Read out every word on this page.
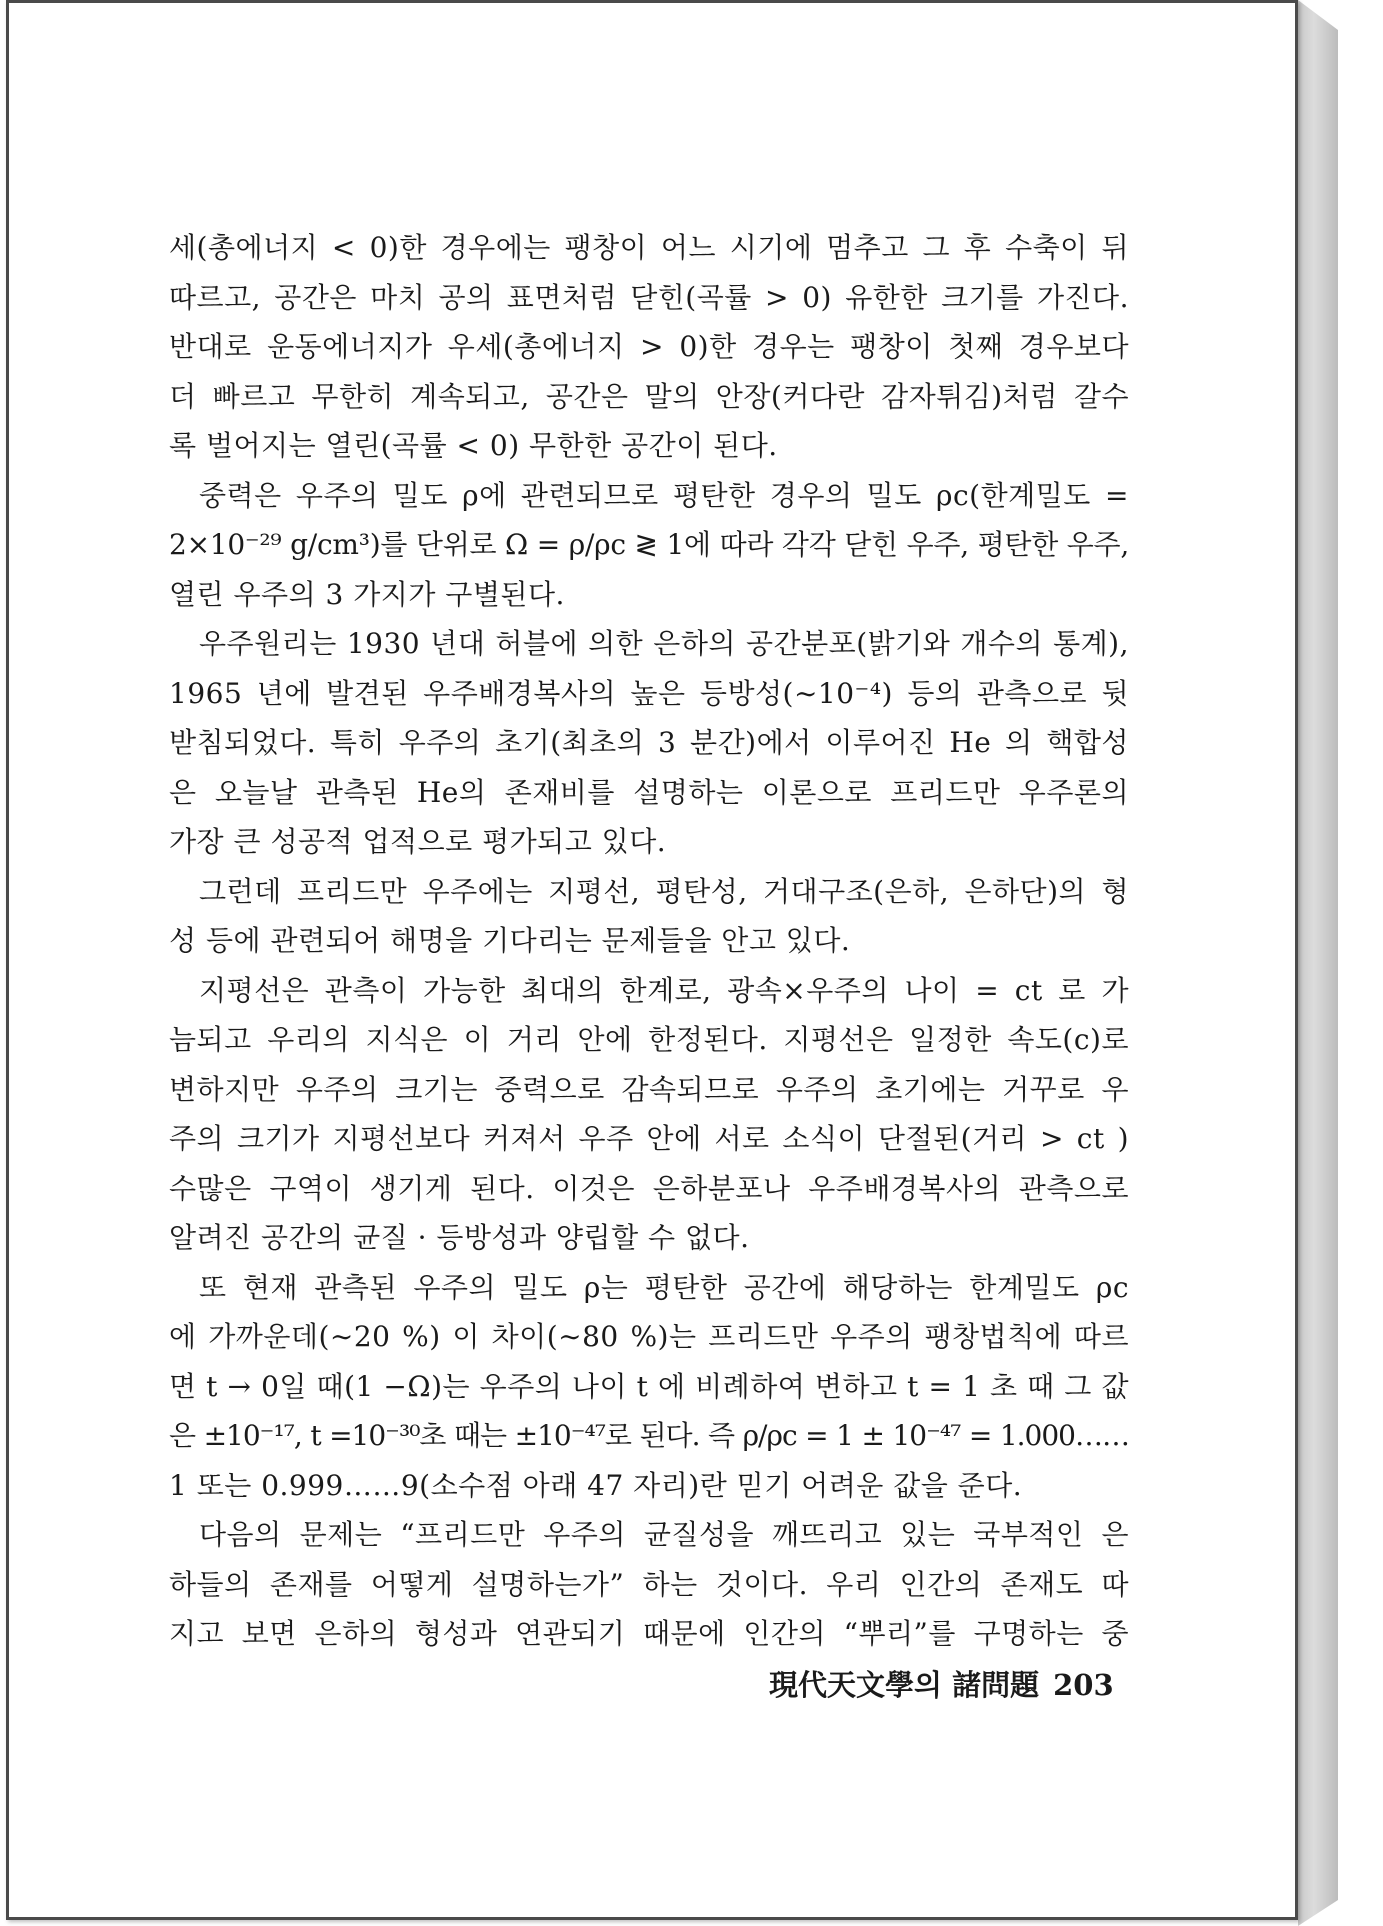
세(총에너지 < 0)한 경우에는 팽창이 어느 시기에 멈추고 그 후 수축이 뒤
따르고, 공간은 마치 공의 표면처럼 닫힌(곡률 > 0) 유한한 크기를 가진다.
반대로 운동에너지가 우세(총에너지 > 0)한 경우는 팽창이 첫째 경우보다
더 빠르고 무한히 계속되고, 공간은 말의 안장(커다란 감자튀김)처럼 갈수
록 벌어지는 열린(곡률 < 0) 무한한 공간이 된다.
중력은 우주의 밀도 ρ에 관련되므로 평탄한 경우의 밀도 ρc(한계밀도 =
2×10⁻²⁹ g/cm³)를 단위로 Ω = ρ/ρc ≷ 1에 따라 각각 닫힌 우주, 평탄한 우주,
열린 우주의 3 가지가 구별된다.
우주원리는 1930 년대 허블에 의한 은하의 공간분포(밝기와 개수의 통계),
1965 년에 발견된 우주배경복사의 높은 등방성(∼10⁻⁴) 등의 관측으로 뒷
받침되었다. 특히 우주의 초기(최초의 3 분간)에서 이루어진 He 의 핵합성
은 오늘날 관측된 He의 존재비를 설명하는 이론으로 프리드만 우주론의
가장 큰 성공적 업적으로 평가되고 있다.
그런데 프리드만 우주에는 지평선, 평탄성, 거대구조(은하, 은하단)의 형
성 등에 관련되어 해명을 기다리는 문제들을 안고 있다.
지평선은 관측이 가능한 최대의 한계로, 광속×우주의 나이 = ct 로 가
늠되고 우리의 지식은 이 거리 안에 한정된다. 지평선은 일정한 속도(c)로
변하지만 우주의 크기는 중력으로 감속되므로 우주의 초기에는 거꾸로 우
주의 크기가 지평선보다 커져서 우주 안에 서로 소식이 단절된(거리 > ct )
수많은 구역이 생기게 된다. 이것은 은하분포나 우주배경복사의 관측으로
알려진 공간의 균질 · 등방성과 양립할 수 없다.
또 현재 관측된 우주의 밀도 ρ는 평탄한 공간에 해당하는 한계밀도 ρc
에 가까운데(∼20 %) 이 차이(∼80 %)는 프리드만 우주의 팽창법칙에 따르
면 t → 0일 때(1 −Ω)는 우주의 나이 t 에 비례하여 변하고 t = 1 초 때 그 값
은 ±10⁻¹⁷, t =10⁻³⁰초 때는 ±10⁻⁴⁷로 된다. 즉 ρ/ρc = 1 ± 10⁻⁴⁷ = 1.000……
1 또는 0.999……9(소수점 아래 47 자리)란 믿기 어려운 값을 준다.
다음의 문제는 “프리드만 우주의 균질성을 깨뜨리고 있는 국부적인 은
하들의 존재를 어떻게 설명하는가” 하는 것이다. 우리 인간의 존재도 따
지고 보면 은하의 형성과 연관되기 때문에 인간의 “뿌리”를 구명하는 중
現代天文學의 諸問題 203
